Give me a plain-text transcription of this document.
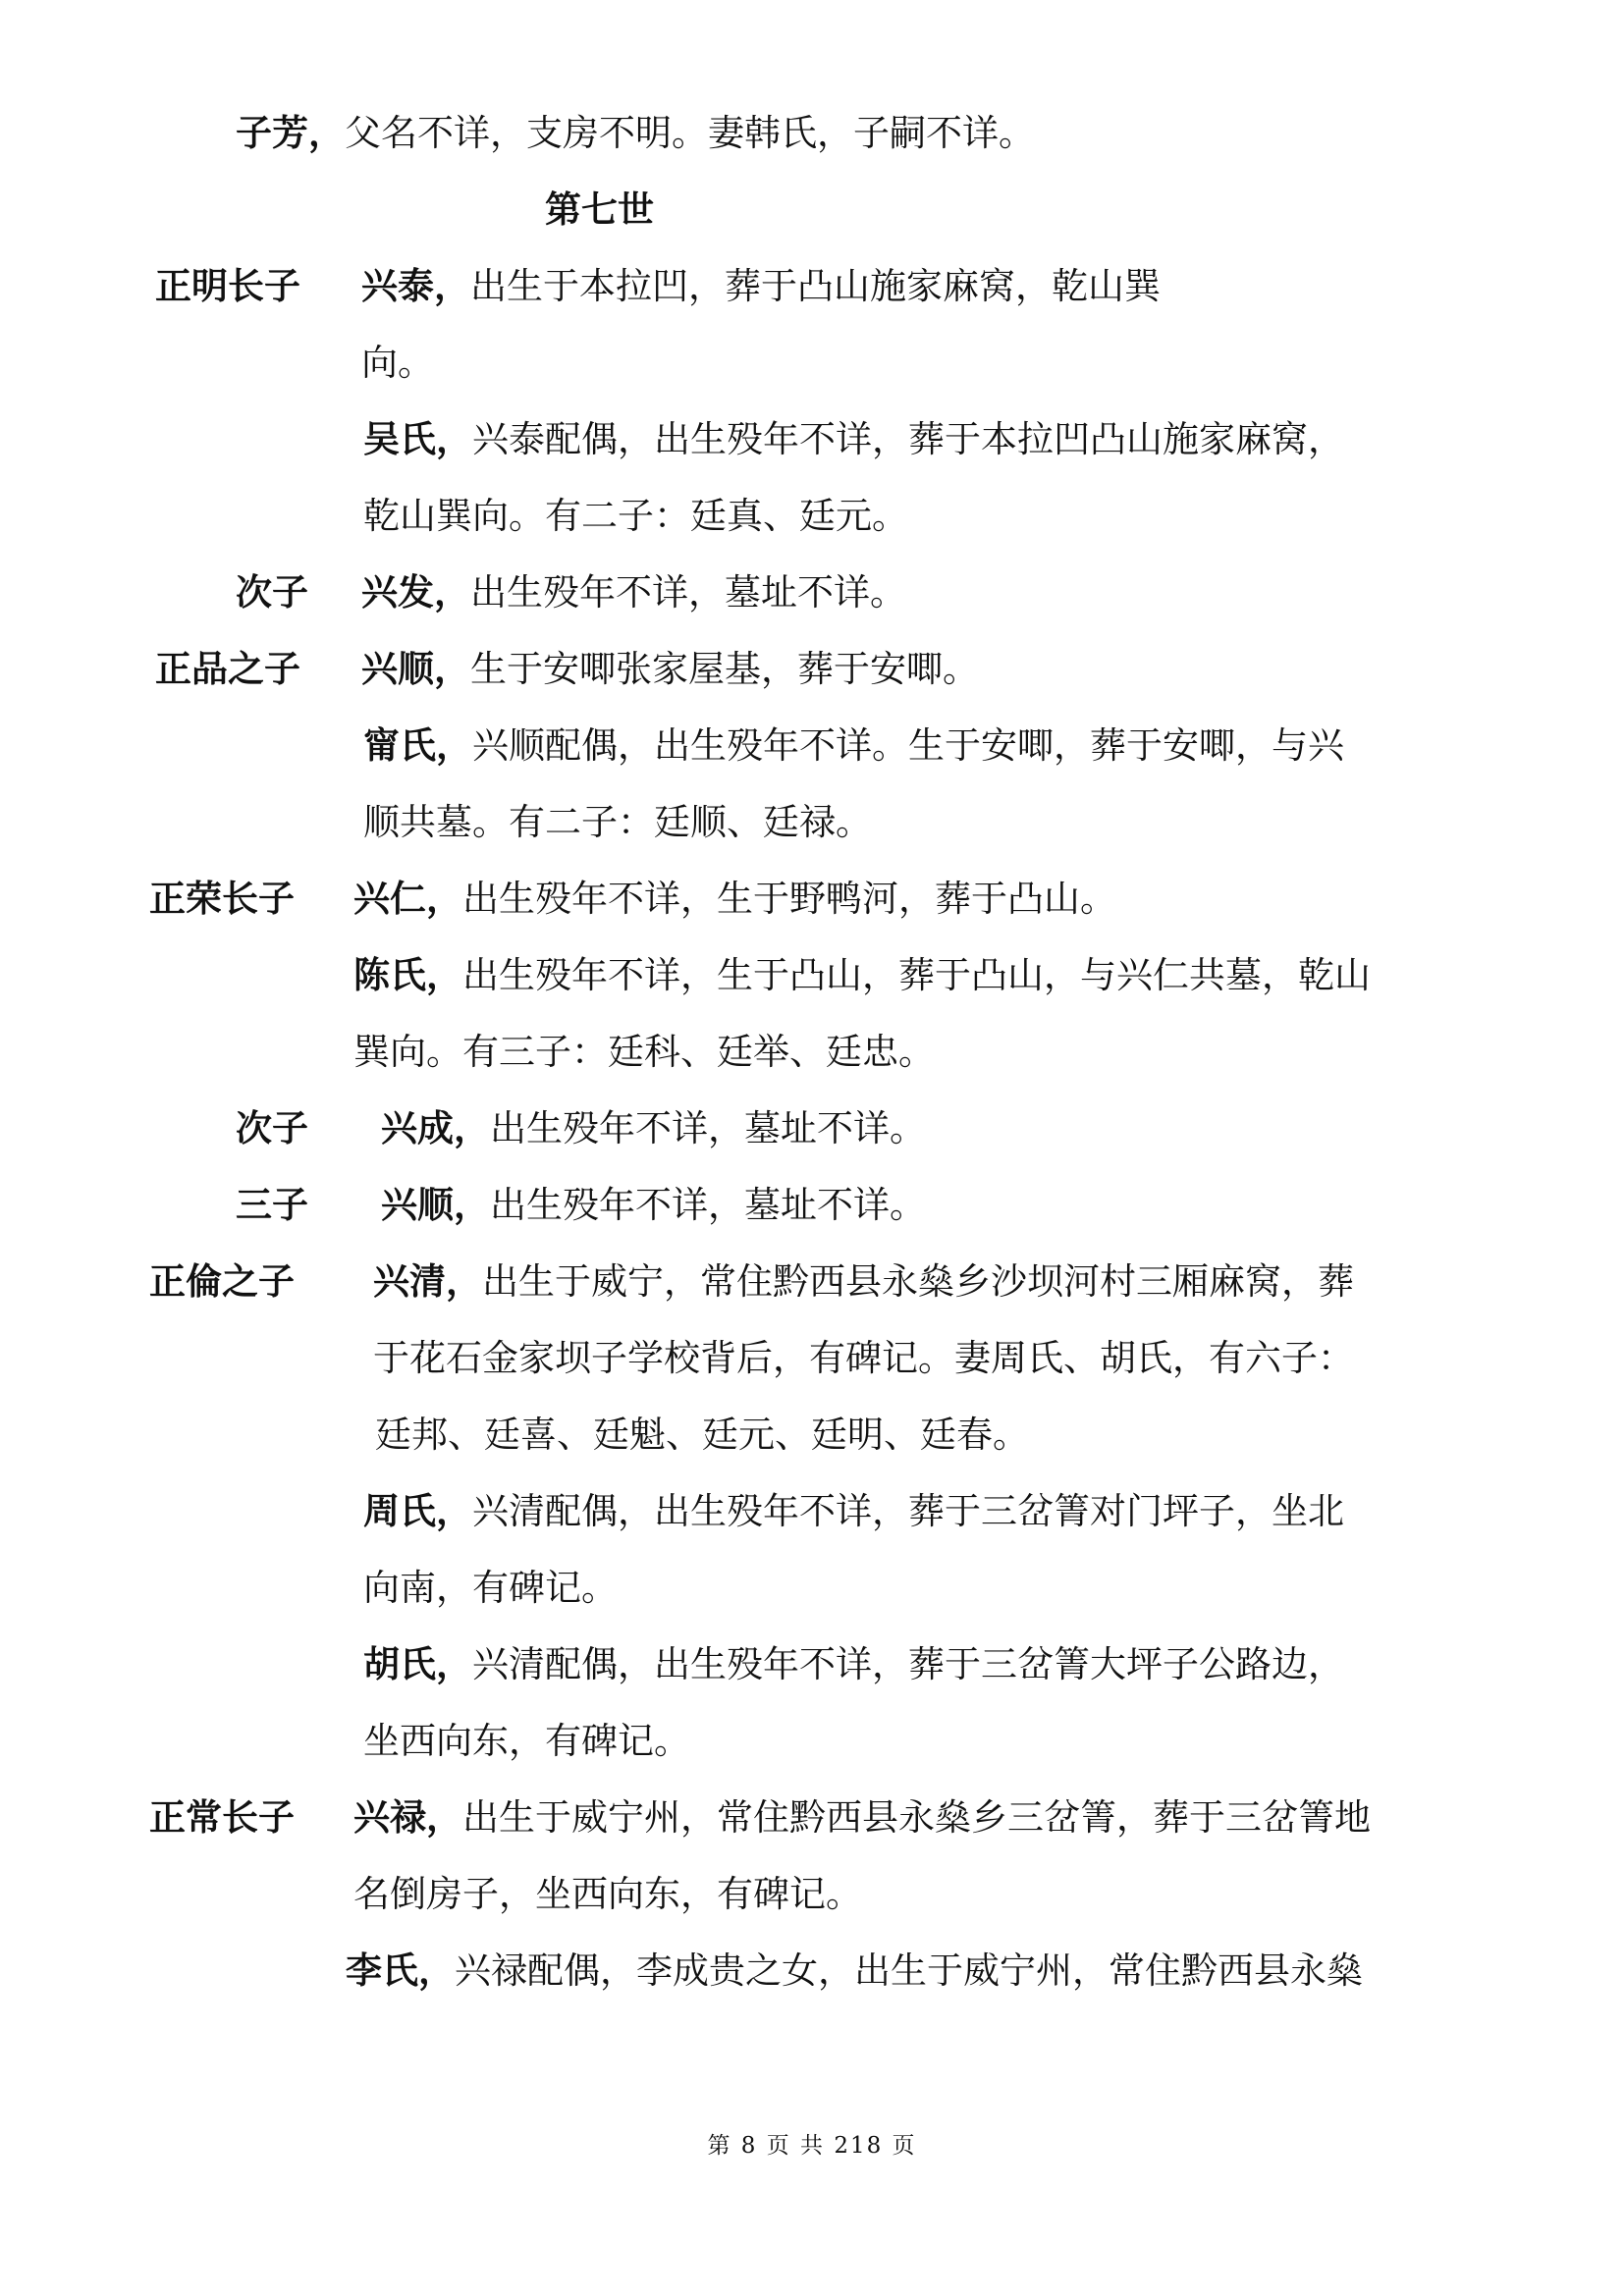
子芳，父名不详，支房不明。妻韩氏，子嗣不详。
第七世
正明长子 兴泰，出生于本拉凹，葬于凸山施家麻窝，乾山巽
向。
吴氏，兴泰配偶，出生殁年不详，葬于本拉凹凸山施家麻窝，
乾山巽向。有二子：廷真、廷元。
次子 兴发，出生殁年不详，墓址不详。
正品之子 兴顺，生于安唧张家屋基，葬于安唧。
甯氏，兴顺配偶，出生殁年不详。生于安唧，葬于安唧，与兴
顺共墓。有二子：廷顺、廷禄。
正荣长子 兴仁，出生殁年不详，生于野鸭河，葬于凸山。
陈氏，出生殁年不详，生于凸山，葬于凸山，与兴仁共墓，乾山
巽向。有三子：廷科、廷举、廷忠。
次子 兴成，出生殁年不详，墓址不详。
三子 兴顺，出生殁年不详，墓址不详。
正倫之子 兴清，出生于威宁，常住黔西县永燊乡沙坝河村三厢麻窝，葬
于花石金家坝子学校背后，有碑记。妻周氏、胡氏，有六子：
廷邦、廷喜、廷魁、廷元、廷明、廷春。
周氏，兴清配偶，出生殁年不详，葬于三岔箐对门坪子，坐北
向南，有碑记。
胡氏，兴清配偶，出生殁年不详，葬于三岔箐大坪子公路边，
坐西向东，有碑记。
正常长子 兴禄，出生于威宁州，常住黔西县永燊乡三岔箐，葬于三岔箐地
名倒房子，坐西向东，有碑记。
李氏，兴禄配偶，李成贵之女，出生于威宁州，常住黔西县永燊
第 8 页 共 218 页
